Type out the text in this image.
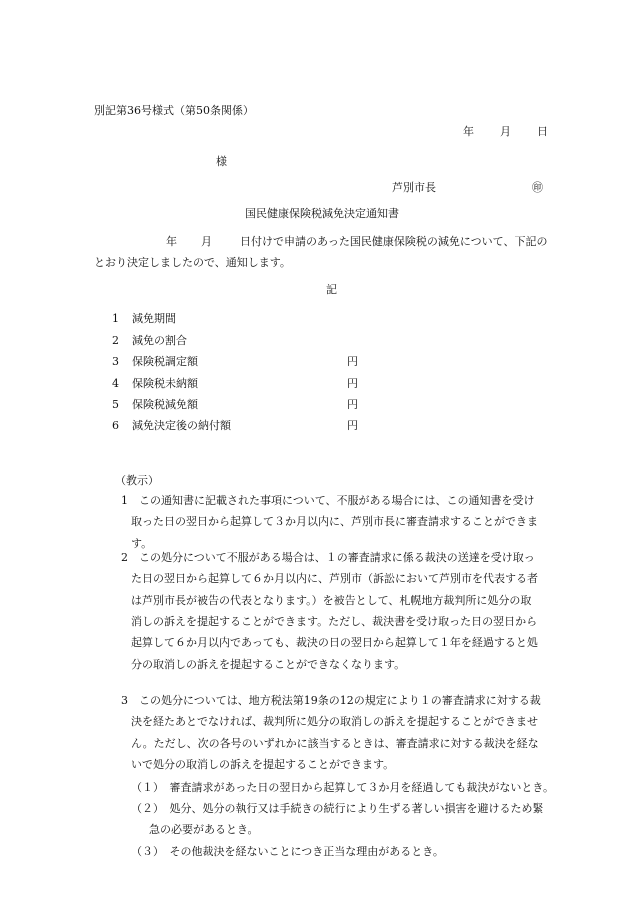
別記第36号様式（第50条関係）
年 月 日
様
芦別市長	㊞
国民健康保険税減免決定通知書
年 月	日付けで申請のあった国民健康保険税の減免について、下記の
とおり決定しましたので、通知します。
記
1 減免期間
2 減免の割合
3 保険税調定額	円
4 保険税未納額	円
5 保険税減免額	円
6 減免決定後の納付額	円
（教示）
1　この通知書に記載された事項について、不服がある場合には、この通知書を受け
取った日の翌日から起算して３か月以内に、芦別市長に審査請求することができま
す。
2　この処分について不服がある場合は、１の審査請求に係る裁決の送達を受け取っ
た日の翌日から起算して６か月以内に、芦別市（訴訟において芦別市を代表する者
は芦別市長が被告の代表となります。）を被告として、札幌地方裁判所に処分の取
消しの訴えを提起することができます。ただし、裁決書を受け取った日の翌日から
起算して６か月以内であっても、裁決の日の翌日から起算して１年を経過すると処
分の取消しの訴えを提起することができなくなります。
3　この処分については、地方税法第19条の12の規定により１の審査請求に対する裁
決を経たあとでなければ、裁判所に処分の取消しの訴えを提起することができませ
ん。ただし、次の各号のいずれかに該当するときは、審査請求に対する裁決を経な
いで処分の取消しの訴えを提起することができます。
（１）　審査請求があった日の翌日から起算して３か月を経過しても裁決がないとき。
（２）　処分、処分の執行又は手続きの続行により生ずる著しい損害を避けるため緊
急の必要があるとき。
（３）　その他裁決を経ないことにつき正当な理由があるとき。
